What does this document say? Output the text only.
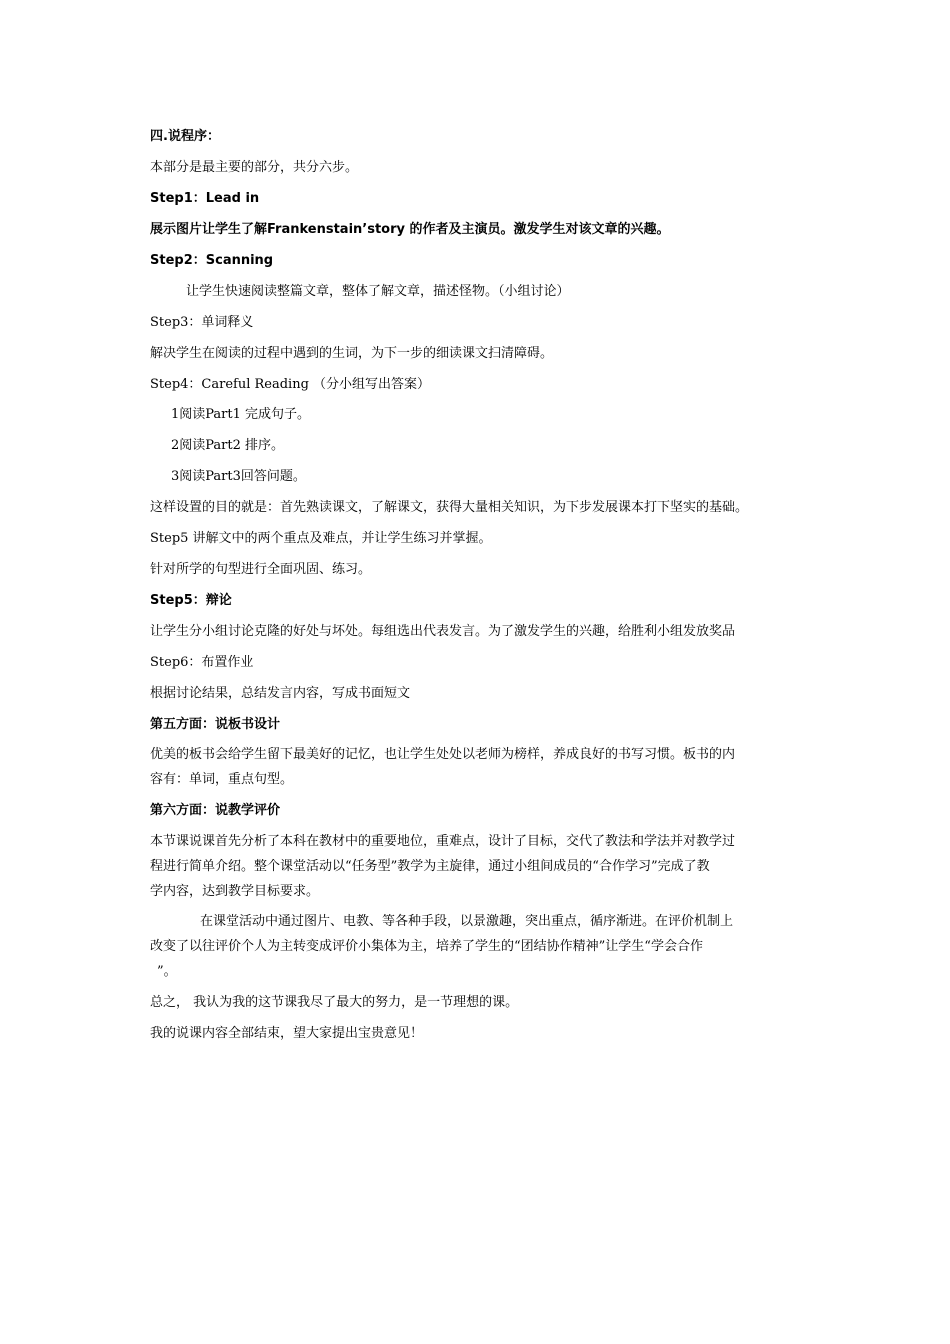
四.说程序：

本部分是最主要的部分，共分六步。

Step1：Lead in

展示图片让学生了解Frankenstain’story 的作者及主演员。激发学生对该文章的兴趣。

Step2：Scanning

让学生快速阅读整篇文章，整体了解文章，描述怪物。（小组讨论）

Step3：单词释义

解决学生在阅读的过程中遇到的生词，为下一步的细读课文扫清障碍。

Step4：Careful Reading （分小组写出答案）

1阅读Part1 完成句子。

2阅读Part2 排序。

3阅读Part3回答问题。

这样设置的目的就是：首先熟读课文，了解课文，获得大量相关知识，为下步发展课本打下坚实的基础。

Step5 讲解文中的两个重点及难点，并让学生练习并掌握。

针对所学的句型进行全面巩固、练习。

Step5：辩论

让学生分小组讨论克隆的好处与坏处。每组选出代表发言。为了激发学生的兴趣，给胜利小组发放奖品

Step6：布置作业

根据讨论结果，总结发言内容，写成书面短文

第五方面：说板书设计

优美的板书会给学生留下最美好的记忆，也让学生处处以老师为榜样，养成良好的书写习惯。板书的内

容有：单词，重点句型。

第六方面：说教学评价

本节课说课首先分析了本科在教材中的重要地位，重难点，设计了目标，交代了教法和学法并对教学过

程进行简单介绍。整个课堂活动以“任务型”教学为主旋律，通过小组间成员的“合作学习”完成了教

学内容，达到教学目标要求。

在课堂活动中通过图片、电教、等各种手段，以景激趣，突出重点，循序渐进。在评价机制上

改变了以往评价个人为主转变成评价小集体为主，培养了学生的“团结协作精神”让学生“学会合作

”。

总之， 我认为我的这节课我尽了最大的努力，是一节理想的课。

我的说课内容全部结束，望大家提出宝贵意见！
